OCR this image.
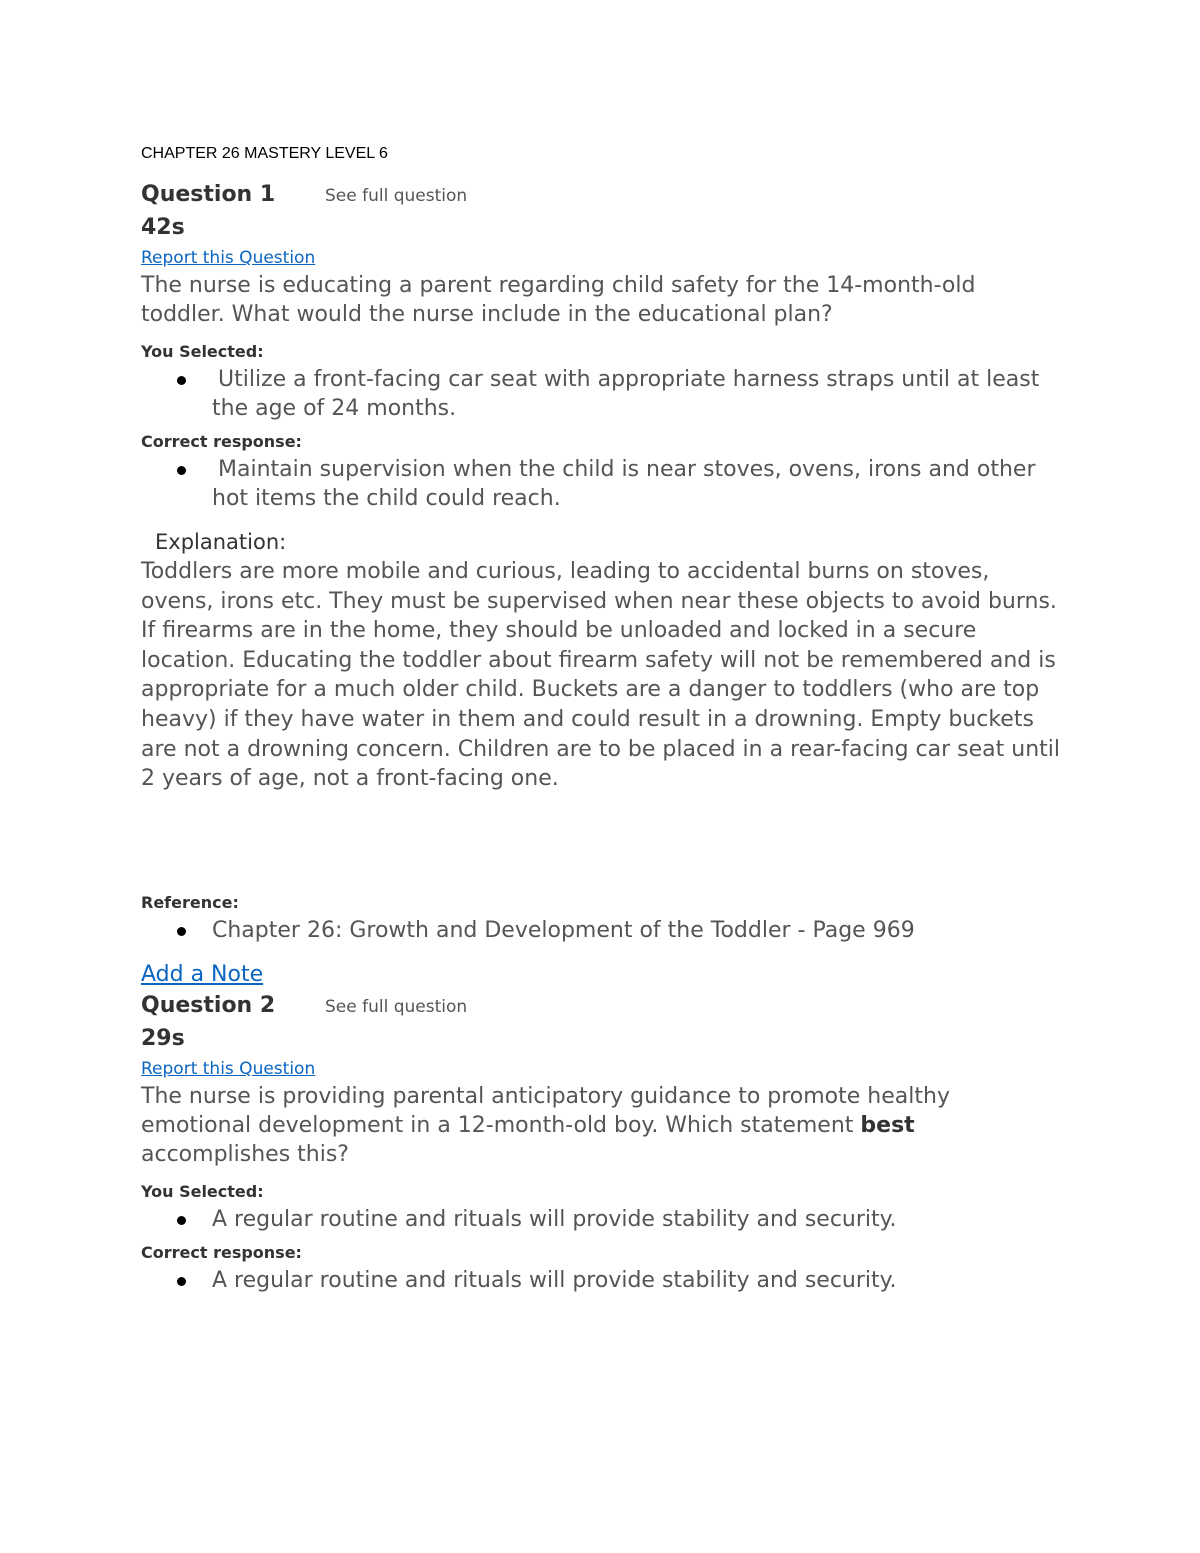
CHAPTER 26 MASTERY LEVEL 6
Question 1	See full question
42s
Report this Question

The nurse is educating a parent regarding child safety for the 14-month-old toddler. What would the nurse include in the educational plan?

You Selected:
Utilize a front-facing car seat with appropriate harness straps until at least the age of 24 months.
Correct response:
Maintain supervision when the child is near stoves, ovens, irons and other hot items the child could reach.
Explanation:

Toddlers are more mobile and curious, leading to accidental burns on stoves, ovens, irons etc. They must be supervised when near these objects to avoid burns. If firearms are in the home, they should be unloaded and locked in a secure location. Educating the toddler about firearm safety will not be remembered and is appropriate for a much older child. Buckets are a danger to toddlers (who are top heavy) if they have water in them and could result in a drowning. Empty buckets are not a drowning concern. Children are to be placed in a rear-facing car seat until 2 years of age, not a front-facing one.

Reference:
Chapter 26: Growth and Development of the Toddler - Page 969
Add a Note
Question 2	See full question
29s
Report this Question

The nurse is providing parental anticipatory guidance to promote healthy emotional development in a 12-month-old boy. Which statement best accomplishes this?

You Selected:
A regular routine and rituals will provide stability and security.
Correct response:
A regular routine and rituals will provide stability and security.
